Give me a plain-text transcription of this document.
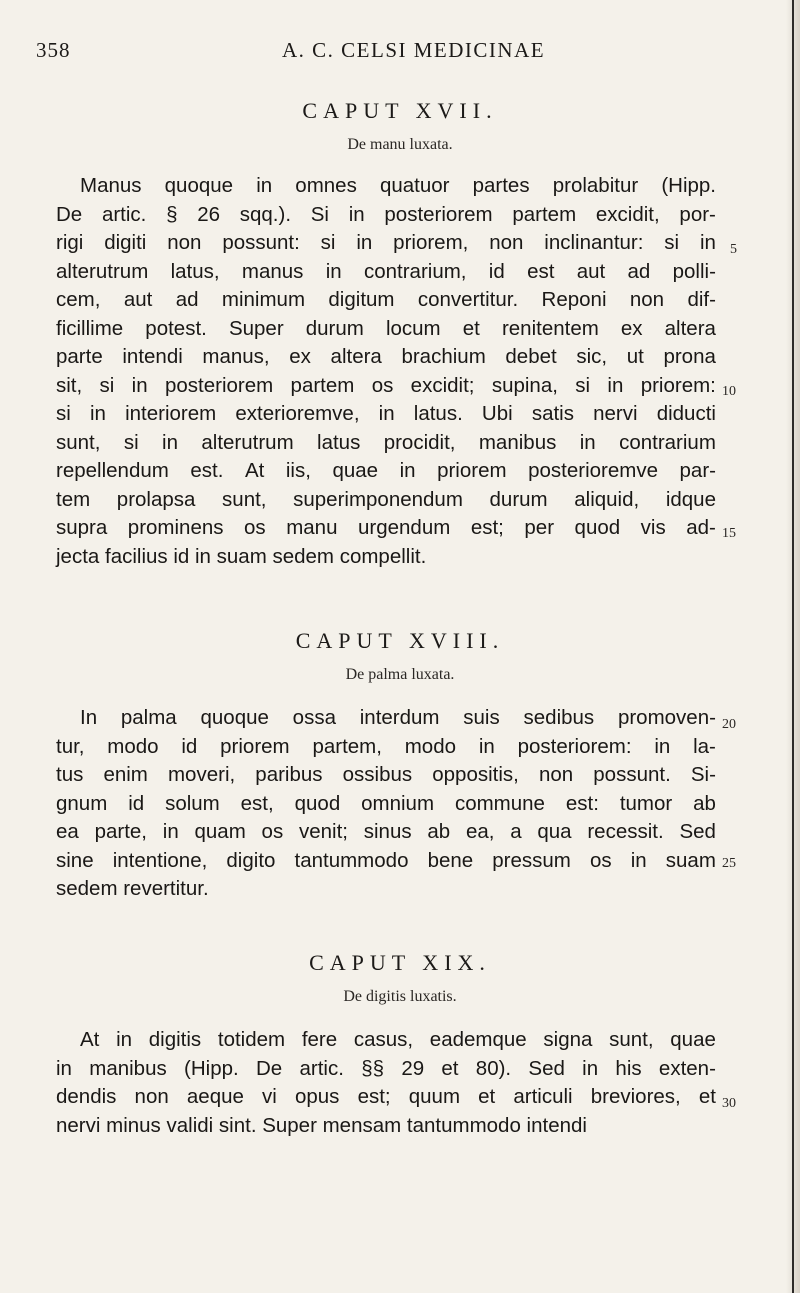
358	A. C. CELSI MEDICINAE
CAPUT XVII.
De manu luxata.
Manus quoque in omnes quatuor partes prolabitur (Hipp.
De artic. § 26 sqq.). Si in posteriorem partem excidit, por-
rigi digiti non possunt: si in priorem, non inclinantur: si in
alterutrum latus, manus in contrarium, id est aut ad polli-
cem, aut ad minimum digitum convertitur. Reponi non dif-
ficillime potest. Super durum locum et renitentem ex altera
parte intendi manus, ex altera brachium debet sic, ut prona
sit, si in posteriorem partem os excidit; supina, si in priorem:
si in interiorem exterioremve, in latus. Ubi satis nervi diducti
sunt, si in alterutrum latus procidit, manibus in contrarium
repellendum est. At iis, quae in priorem posterioremve par-
tem prolapsa sunt, superimponendum durum aliquid, idque
supra prominens os manu urgendum est; per quod vis ad-
jecta facilius id in suam sedem compellit.
CAPUT XVIII.
De palma luxata.
In palma quoque ossa interdum suis sedibus promoven-
tur, modo id priorem partem, modo in posteriorem: in la-
tus enim moveri, paribus ossibus oppositis, non possunt. Si-
gnum id solum est, quod omnium commune est: tumor ab
ea parte, in quam os venit; sinus ab ea, a qua recessit. Sed
sine intentione, digito tantummodo bene pressum os in suam
sedem revertitur.
CAPUT XIX.
De digitis luxatis.
At in digitis totidem fere casus, eademque signa sunt, quae
in manibus (Hipp. De artic. §§ 29 et 80). Sed in his exten-
dendis non aeque vi opus est; quum et articuli breviores, et
nervi minus validi sint. Super mensam tantummodo intendi
5
10
15
20
25
30
